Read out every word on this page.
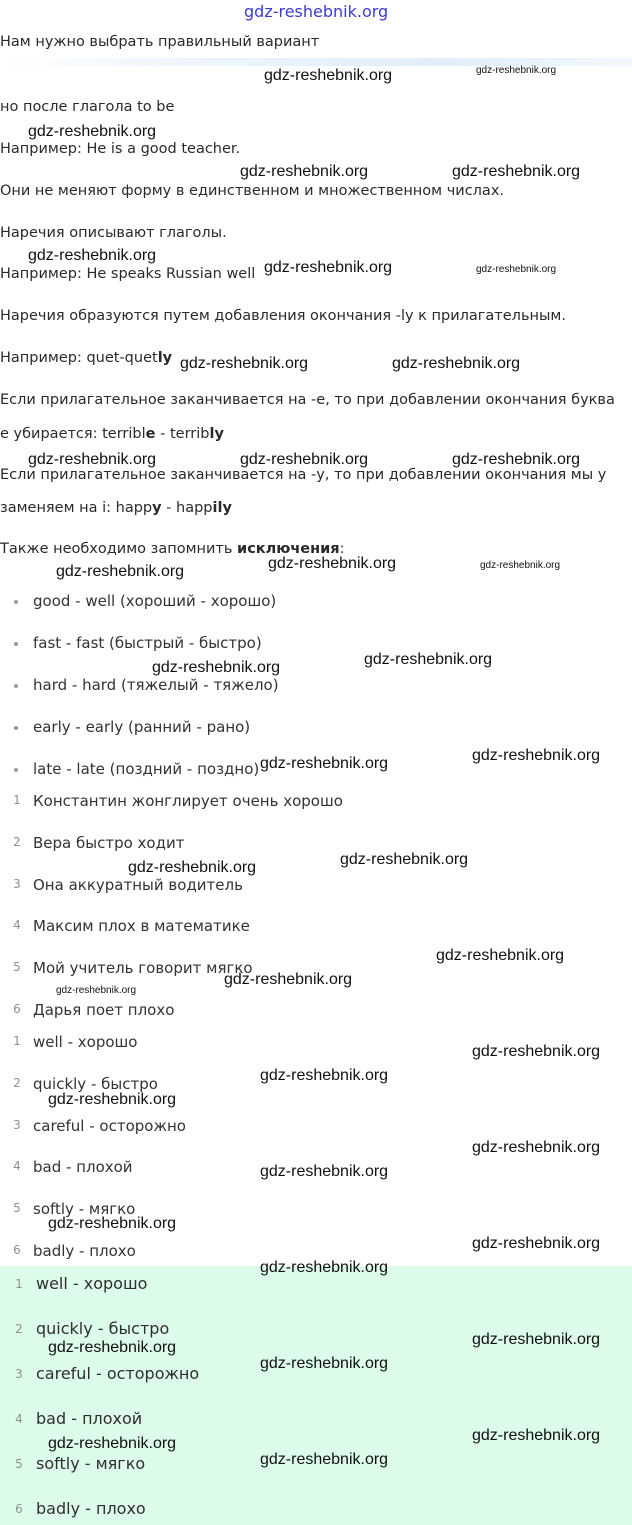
gdz-reshebnik.org
Нам нужно выбрать правильный вариант
но после глагола to be
Например: He is a good teacher.
Они не меняют форму в единственном и множественном числах.
Наречия описывают глаголы.
Например: He speaks Russian well
Наречия образуются путем добавления окончания -ly к прилагательным.
Например: quet-quetly
Если прилагательное заканчивается на -e, то при добавлении окончания буква
e убирается: terrible - terribly
Если прилагательное заканчивается на -y, то при добавлении окончания мы y
заменяем на i: happy - happily
Также необходимо запомнить исключения:
good - well (хороший - хорошо)
fast - fast (быстрый - быстро)
hard - hard (тяжелый - тяжело)
early - early (ранний - рано)
late - late (поздний - поздно)
1 Константин жонглирует очень хорошо
2 Вера быстро ходит
3 Она аккуратный водитель
4 Максим плох в математике
5 Мой учитель говорит мягко
6 Дарья поет плохо
1 well - хорошо
2 quickly - быстро
3 careful - осторожно
4 bad - плохой
5 softly - мягко
6 badly - плохо
1 well - хорошо
2 quickly - быстро
3 careful - осторожно
4 bad - плохой
5 softly - мягко
6 badly - плохо
gdz-reshebnik.org	gdz-reshebnik.org
gdz-reshebnik.org
gdz-reshebnik.org	gdz-reshebnik.org
gdz-reshebnik.org
gdz-reshebnik.org	gdz-reshebnik.org
gdz-reshebnik.org	gdz-reshebnik.org
gdz-reshebnik.org	gdz-reshebnik.org	gdz-reshebnik.org
gdz-reshebnik.org	gdz-reshebnik.org	gdz-reshebnik.org
gdz-reshebnik.org	gdz-reshebnik.org
gdz-reshebnik.org	gdz-reshebnik.org
gdz-reshebnik.org	gdz-reshebnik.org
gdz-reshebnik.org
gdz-reshebnik.org
gdz-reshebnik.org
gdz-reshebnik.org
gdz-reshebnik.org
gdz-reshebnik.org
gdz-reshebnik.org
gdz-reshebnik.org
gdz-reshebnik.org
gdz-reshebnik.org
gdz-reshebnik.org
gdz-reshebnik.org
gdz-reshebnik.org
gdz-reshebnik.org
gdz-reshebnik.org
gdz-reshebnik.org
gdz-reshebnik.org
